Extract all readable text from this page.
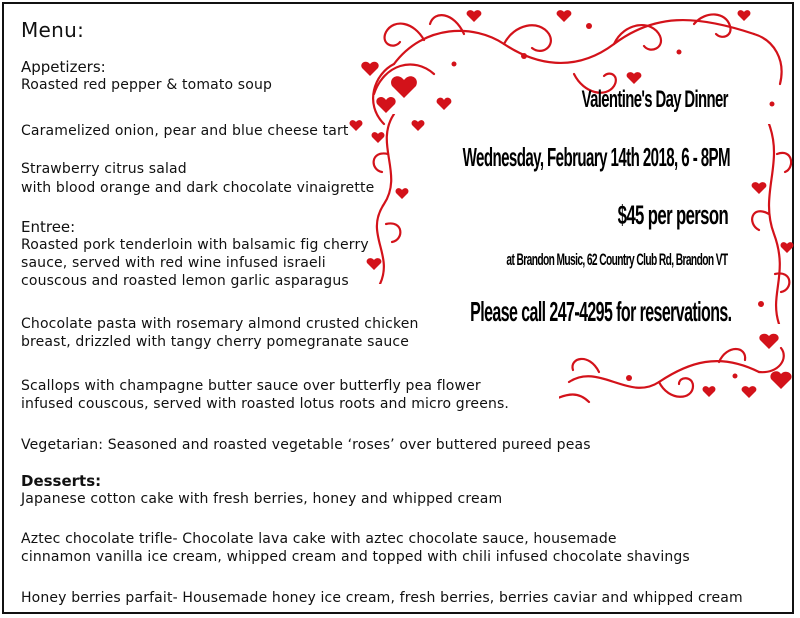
Menu:
Appetizers:
Roasted red pepper & tomato soup
Caramelized onion, pear and blue cheese tart
Strawberry citrus salad
with blood orange and dark chocolate vinaigrette
Entree:
Roasted pork tenderloin with balsamic fig cherry
sauce, served with red wine infused israeli
couscous and roasted lemon garlic asparagus
Chocolate pasta with rosemary almond crusted chicken
breast, drizzled with tangy cherry pomegranate sauce
Scallops with champagne butter sauce over butterfly pea flower
infused couscous, served with roasted lotus roots and micro greens.
Vegetarian: Seasoned and roasted vegetable ‘roses’ over buttered pureed peas
Desserts:
Japanese cotton cake with fresh berries, honey and whipped cream
Aztec chocolate trifle- Chocolate lava cake with aztec chocolate sauce, housemade
cinnamon vanilla ice cream, whipped cream and topped with chili infused chocolate shavings
Honey berries parfait- Housemade honey ice cream, fresh berries, berries caviar and whipped cream
Valentine's Day Dinner
Wednesday, February 14th 2018, 6 - 8PM
$45 per person
at Brandon Music, 62 Country Club Rd, Brandon VT
Please call 247-4295 for reservations.
